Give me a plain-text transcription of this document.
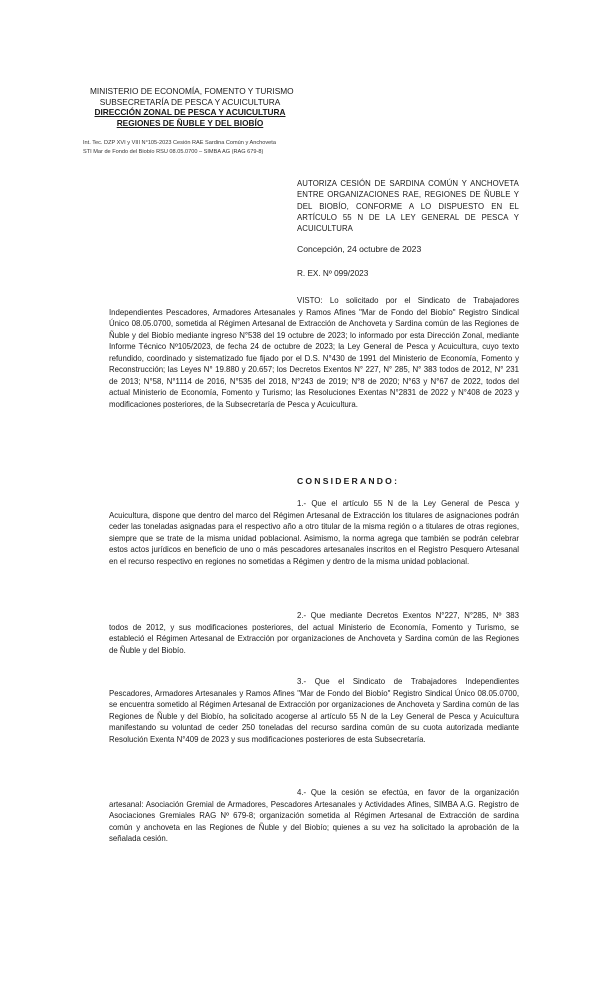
MINISTERIO DE ECONOMÍA, FOMENTO Y TURISMO
SUBSECRETARÍA DE PESCA Y ACUICULTURA
DIRECCIÓN ZONAL DE PESCA Y ACUICULTURA
REGIONES DE ÑUBLE Y DEL BIOBÍO
Int. Tec. DZP XVI y VIII N°105-2023 Cesión RAE Sardina Común y Anchoveta
STI Mar de Fondo del Biobío RSU 08.05.0700 – SIMBA AG (RAG 679-8)
AUTORIZA CESIÓN DE SARDINA COMÚN Y ANCHOVETA ENTRE ORGANIZACIONES RAE, REGIONES DE ÑUBLE Y DEL BIOBÍO, CONFORME A LO DISPUESTO EN EL ARTÍCULO 55 N DE LA LEY GENERAL DE PESCA Y ACUICULTURA
Concepción, 24 octubre de 2023
R. EX. Nº 099/2023

VISTO: Lo solicitado por el Sindicato de Trabajadores Independientes Pescadores, Armadores Artesanales y Ramos Afines "Mar de Fondo del Biobío" Registro Sindical Único 08.05.0700, sometida al Régimen Artesanal de Extracción de Anchoveta y Sardina común de las Regiones de Ñuble y del Biobío mediante ingreso N°538 del 19 octubre de 2023; lo informado por esta Dirección Zonal, mediante Informe Técnico Nº105/2023, de fecha 24 de octubre de 2023; la Ley General de Pesca y Acuicultura, cuyo texto refundido, coordinado y sistematizado fue fijado por el D.S. N°430 de 1991 del Ministerio de Economía, Fomento y Reconstrucción; las Leyes N° 19.880 y 20.657; los Decretos Exentos N° 227, N° 285, N° 383 todos de 2012, N° 231 de 2013; N°58, N°1114 de 2016, N°535 del 2018, N°243 de 2019; N°8 de 2020; N°63 y N°67 de 2022, todos del actual Ministerio de Economía, Fomento y Turismo; las Resoluciones Exentas N°2831 de 2022 y N°408 de 2023 y modificaciones posteriores, de la Subsecretaría de Pesca y Acuicultura.

CONSIDERANDO:

1.- Que el artículo 55 N de la Ley General de Pesca y Acuicultura, dispone que dentro del marco del Régimen Artesanal de Extracción los titulares de asignaciones podrán ceder las toneladas asignadas para el respectivo año a otro titular de la misma región o a titulares de otras regiones, siempre que se trate de la misma unidad poblacional. Asimismo, la norma agrega que también se podrán celebrar estos actos jurídicos en beneficio de uno o más pescadores artesanales inscritos en el Registro Pesquero Artesanal en el recurso respectivo en regiones no sometidas a Régimen y dentro de la misma unidad poblacional.

2.- Que mediante Decretos Exentos N°227, N°285, Nº 383 todos de 2012, y sus modificaciones posteriores, del actual Ministerio de Economía, Fomento y Turismo, se estableció el Régimen Artesanal de Extracción por organizaciones de Anchoveta y Sardina común de las Regiones de Ñuble y del Biobío.

3.- Que el Sindicato de Trabajadores Independientes Pescadores, Armadores Artesanales y Ramos Afines "Mar de Fondo del Biobío" Registro Sindical Único 08.05.0700, se encuentra sometido al Régimen Artesanal de Extracción por organizaciones de Anchoveta y Sardina común de las Regiones de Ñuble y del Biobío, ha solicitado acogerse al artículo 55 N de la Ley General de Pesca y Acuicultura manifestando su voluntad de ceder 250 toneladas del recurso sardina común de su cuota autorizada mediante Resolución Exenta N°409 de 2023 y sus modificaciones posteriores de esta Subsecretaría.

4.- Que la cesión se efectúa, en favor de la organización artesanal: Asociación Gremial de Armadores, Pescadores Artesanales y Actividades Afines, SIMBA A.G. Registro de Asociaciones Gremiales RAG Nº 679-8; organización sometida al Régimen Artesanal de Extracción de sardina común y anchoveta en las Regiones de Ñuble y del Biobío; quienes a su vez ha solicitado la aprobación de la señalada cesión.
